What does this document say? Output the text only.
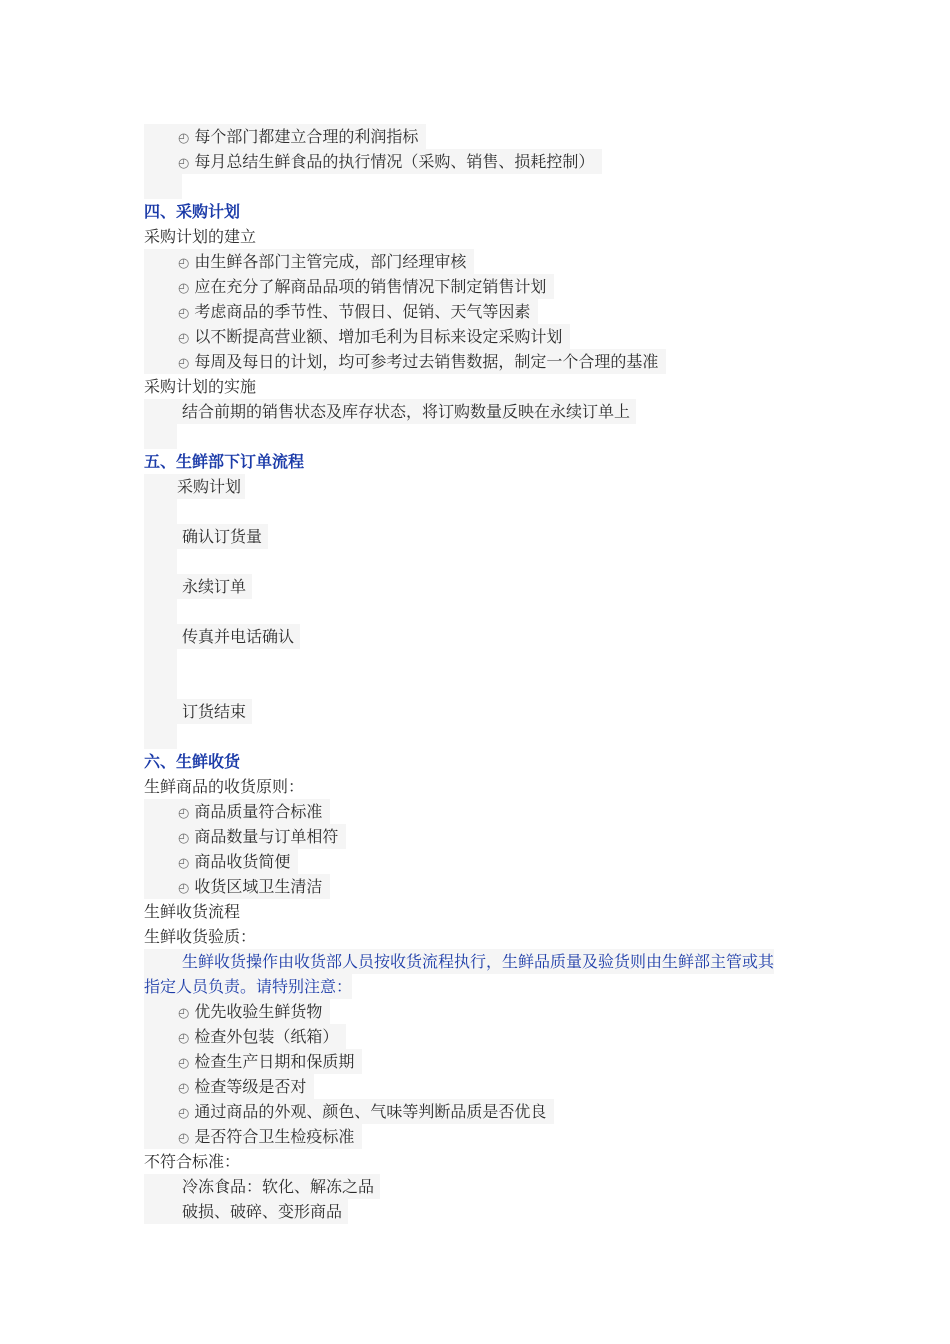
◴ 每个部门都建立合理的利润指标
◴ 每月总结生鲜食品的执行情况（采购、销售、损耗控制）
四、采购计划
采购计划的建立
◴ 由生鲜各部门主管完成，部门经理审核
◴ 应在充分了解商品品项的销售情况下制定销售计划
◴ 考虑商品的季节性、节假日、促销、天气等因素
◴ 以不断提高营业额、增加毛利为目标来设定采购计划
◴ 每周及每日的计划，均可参考过去销售数据，制定一个合理的基准
采购计划的实施
结合前期的销售状态及库存状态，将订购数量反映在永续订单上
五、生鲜部下订单流程
采购计划
确认订货量
永续订单
传真并电话确认
订货结束
六、生鲜收货
生鲜商品的收货原则：
◴ 商品质量符合标准
◴ 商品数量与订单相符
◴ 商品收货简便
◴ 收货区域卫生清洁
生鲜收货流程
生鲜收货验质：
生鲜收货操作由收货部人员按收货流程执行，生鲜品质量及验货则由生鲜部主管或其
指定人员负责。请特别注意：
◴ 优先收验生鲜货物
◴ 检查外包装（纸箱）
◴ 检查生产日期和保质期
◴ 检查等级是否对
◴ 通过商品的外观、颜色、气味等判断品质是否优良
◴ 是否符合卫生检疫标准
不符合标准：
冷冻食品：软化、解冻之品
破损、破碎、变形商品
